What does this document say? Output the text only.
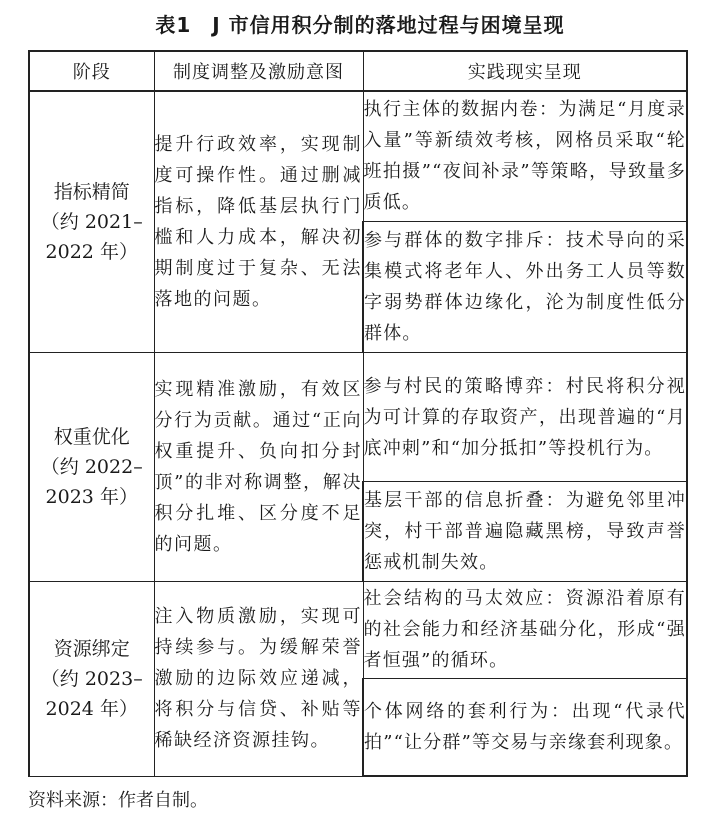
表1　J 市信用积分制的落地过程与困境呈现
阶段	制度调整及激励意图	实践现实呈现

指标精简
（约 2021–
2022 年）	提升行政效率，实现制度可操作性。通过删减指标，降低基层执行门槛和人力成本，解决初期制度过于复杂、无法落地的问题。	执行主体的数据内卷：为满足“月度录入量”等新绩效考核，网格员采取“轮班拍摄”“夜间补录”等策略，导致量多质低。
		参与群体的数字排斥：技术导向的采集模式将老年人、外出务工人员等数字弱势群体边缘化，沦为制度性低分群体。

权重优化
（约 2022–
2023 年）	实现精准激励，有效区分行为贡献。通过“正向权重提升、负向扣分封顶”的非对称调整，解决积分扎堆、区分度不足的问题。	参与村民的策略博弈：村民将积分视为可计算的存取资产，出现普遍的“月底冲刺”和“加分抵扣”等投机行为。
		基层干部的信息折叠：为避免邻里冲突，村干部普遍隐藏黑榜，导致声誉惩戒机制失效。

资源绑定
（约 2023–
2024 年）	注入物质激励，实现可持续参与。为缓解荣誉激励的边际效应递减，将积分与信贷、补贴等稀缺经济资源挂钩。	社会结构的马太效应：资源沿着原有的社会能力和经济基础分化，形成“强者恒强”的循环。
		个体网络的套利行为：出现“代录代拍”“让分群”等交易与亲缘套利现象。
资料来源：作者自制。
